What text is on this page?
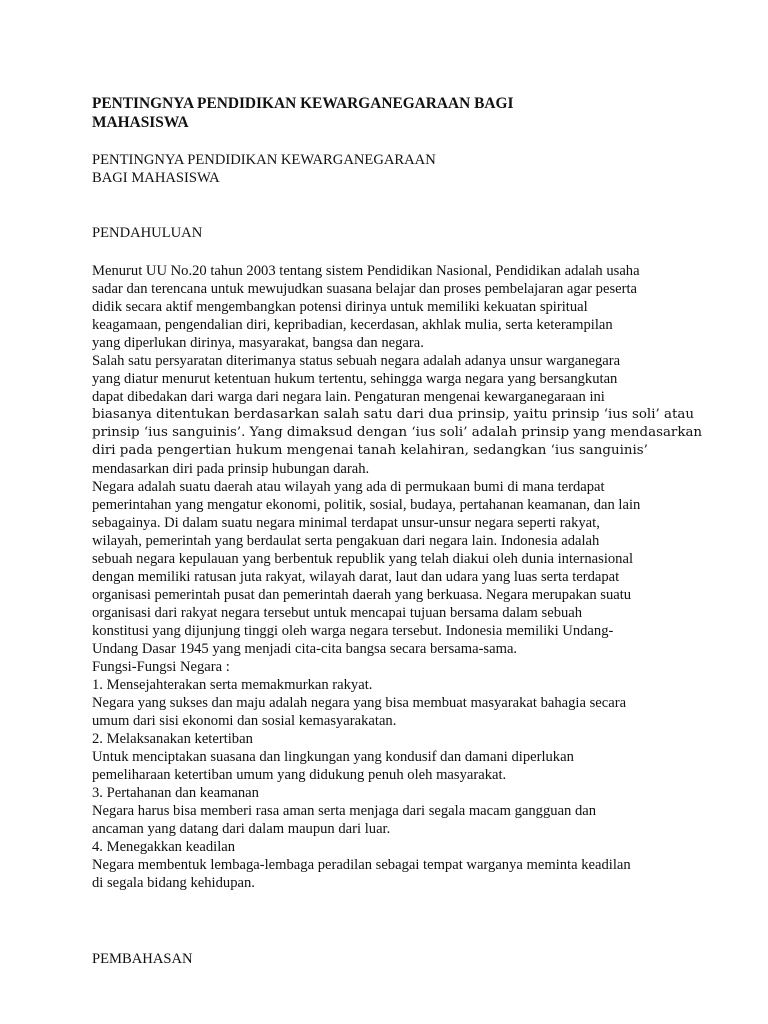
PENTINGNYA PENDIDIKAN KEWARGANEGARAAN BAGI
MAHASISWA
PENTINGNYA PENDIDIKAN KEWARGANEGARAAN
BAGI MAHASISWA
PENDAHULUAN
Menurut UU No.20 tahun 2003 tentang sistem Pendidikan Nasional, Pendidikan adalah usaha
sadar dan terencana untuk mewujudkan suasana belajar dan proses pembelajaran agar peserta
didik secara aktif mengembangkan potensi dirinya untuk memiliki kekuatan spiritual
keagamaan, pengendalian diri, kepribadian, kecerdasan, akhlak mulia, serta keterampilan
yang diperlukan dirinya, masyarakat, bangsa dan negara.
Salah satu persyaratan diterimanya status sebuah negara adalah adanya unsur warganegara
yang diatur menurut ketentuan hukum tertentu, sehingga warga negara yang bersangkutan
dapat dibedakan dari warga dari negara lain. Pengaturan mengenai kewarganegaraan ini
biasanya ditentukan berdasarkan salah satu dari dua prinsip, yaitu prinsip ‘ius soli’ atau
prinsip ‘ius sanguinis’. Yang dimaksud dengan ‘ius soli’ adalah prinsip yang mendasarkan
diri pada pengertian hukum mengenai tanah kelahiran, sedangkan ‘ius sanguinis’
mendasarkan diri pada prinsip hubungan darah.
Negara adalah suatu daerah atau wilayah yang ada di permukaan bumi di mana terdapat
pemerintahan yang mengatur ekonomi, politik, sosial, budaya, pertahanan keamanan, dan lain
sebagainya. Di dalam suatu negara minimal terdapat unsur-unsur negara seperti rakyat,
wilayah, pemerintah yang berdaulat serta pengakuan dari negara lain. Indonesia adalah
sebuah negara kepulauan yang berbentuk republik yang telah diakui oleh dunia internasional
dengan memiliki ratusan juta rakyat, wilayah darat, laut dan udara yang luas serta terdapat
organisasi pemerintah pusat dan pemerintah daerah yang berkuasa. Negara merupakan suatu
organisasi dari rakyat negara tersebut untuk mencapai tujuan bersama dalam sebuah
konstitusi yang dijunjung tinggi oleh warga negara tersebut. Indonesia memiliki Undang-
Undang Dasar 1945 yang menjadi cita-cita bangsa secara bersama-sama.
Fungsi-Fungsi Negara :
1. Mensejahterakan serta memakmurkan rakyat.
Negara yang sukses dan maju adalah negara yang bisa membuat masyarakat bahagia secara
umum dari sisi ekonomi dan sosial kemasyarakatan.
2. Melaksanakan ketertiban
Untuk menciptakan suasana dan lingkungan yang kondusif dan damani diperlukan
pemeliharaan ketertiban umum yang didukung penuh oleh masyarakat.
3. Pertahanan dan keamanan
Negara harus bisa memberi rasa aman serta menjaga dari segala macam gangguan dan
ancaman yang datang dari dalam maupun dari luar.
4. Menegakkan keadilan
Negara membentuk lembaga-lembaga peradilan sebagai tempat warganya meminta keadilan
di segala bidang kehidupan.
PEMBAHASAN
